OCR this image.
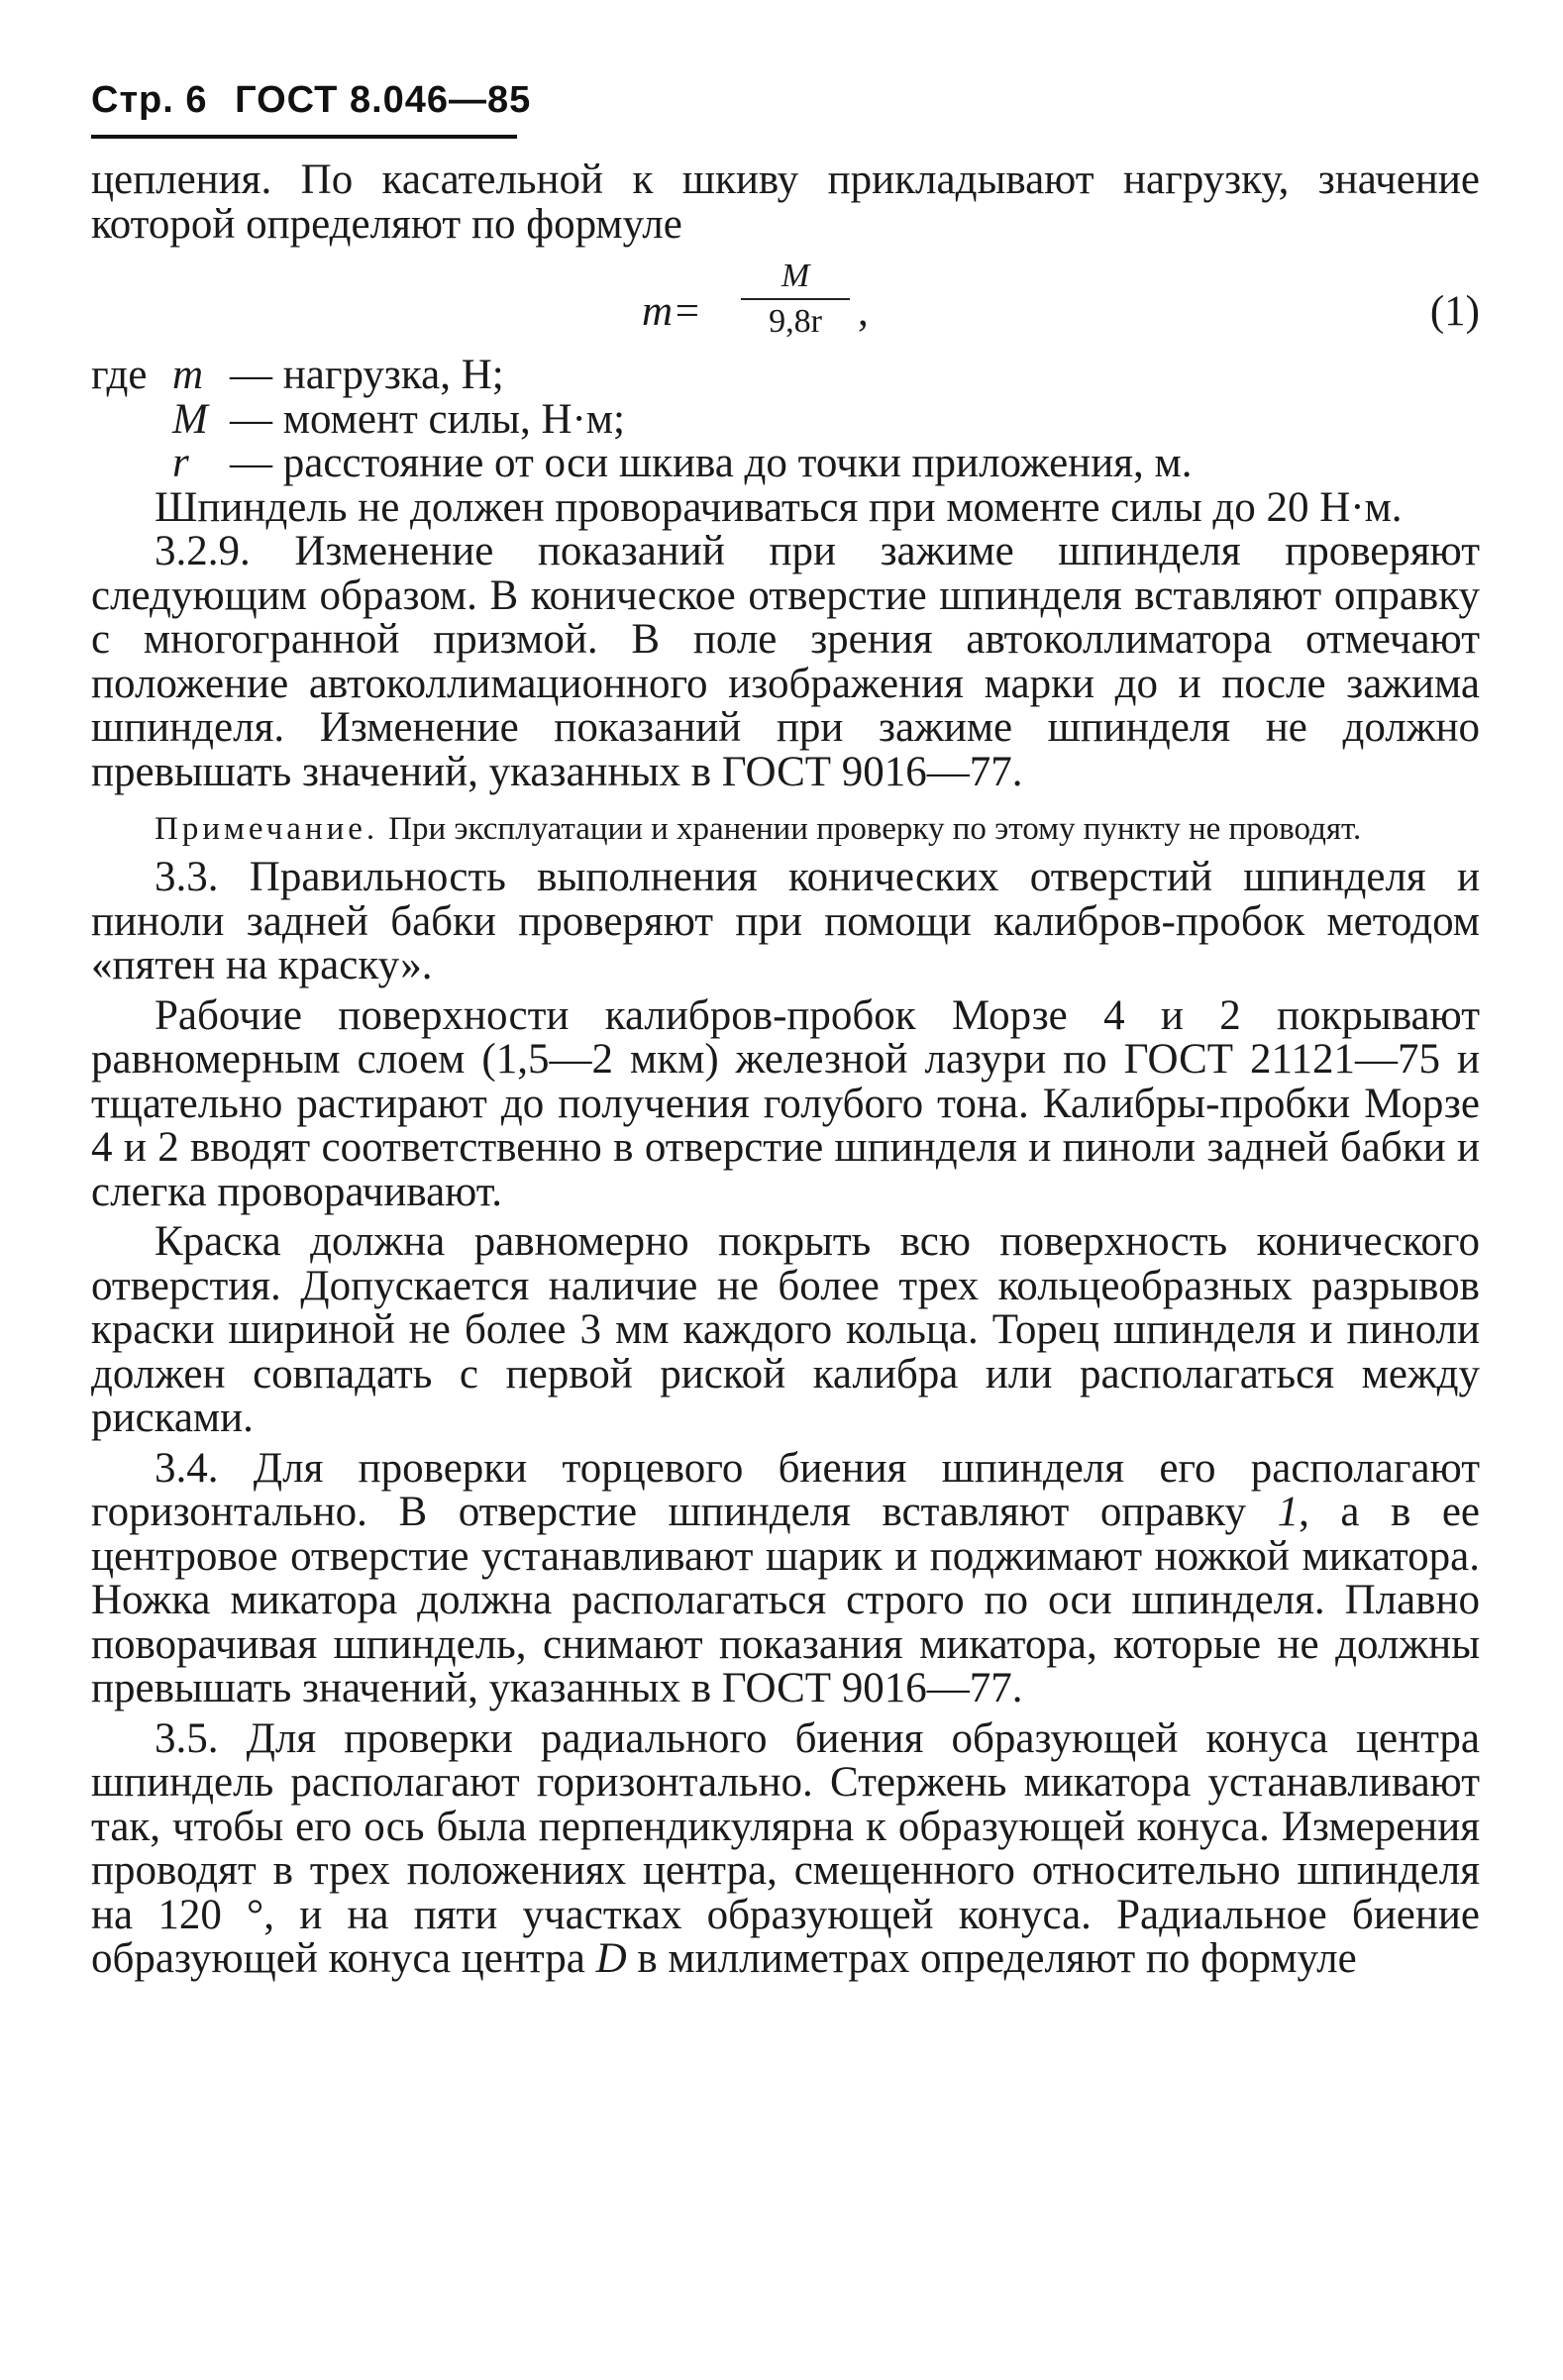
Стр. 6 ГОСТ 8.046—85

цепления. По касательной к шкиву прикладывают нагрузку, значение которой определяют по формуле

$m= \frac{M}{9,8r}$ ,	(1)
где m — нагрузка, Н;
M — момент силы, Н·м;
r — расстояние от оси шкива до точки приложения, м.

Шпиндель не должен проворачиваться при моменте силы до 20 Н·м.

3.2.9. Изменение показаний при зажиме шпинделя проверяют следующим образом. В коническое отверстие шпинделя вставляют оправку с многогранной призмой. В поле зрения автоколлиматора отмечают положение автоколлимационного изображения марки до и после зажима шпинделя. Изменение показаний при зажиме шпинделя не должно превышать значений, указанных в ГОСТ 9016—77.

Примечание. При эксплуатации и хранении проверку по этому пункту не проводят.

3.3. Правильность выполнения конических отверстий шпинделя и пиноли задней бабки проверяют при помощи калибров-пробок методом «пятен на краску».

Рабочие поверхности калибров-пробок Морзе 4 и 2 покрывают равномерным слоем (1,5—2 мкм) железной лазури по ГОСТ 21121—75 и тщательно растирают до получения голубого тона. Калибры-пробки Морзе 4 и 2 вводят соответственно в отверстие шпинделя и пиноли задней бабки и слегка проворачивают.

Краска должна равномерно покрыть всю поверхность конического отверстия. Допускается наличие не более трех кольцеобразных разрывов краски шириной не более 3 мм каждого кольца. Торец шпинделя и пиноли должен совпадать с первой риской калибра или располагаться между рисками.

3.4. Для проверки торцевого биения шпинделя его располагают горизонтально. В отверстие шпинделя вставляют оправку 1, а в ее центровое отверстие устанавливают шарик и поджимают ножкой микатора. Ножка микатора должна располагаться строго по оси шпинделя. Плавно поворачивая шпиндель, снимают показания микатора, которые не должны превышать значений, указанных в ГОСТ 9016—77.

3.5. Для проверки радиального биения образующей конуса центра шпиндель располагают горизонтально. Стержень микатора устанавливают так, чтобы его ось была перпендикулярна к образующей конуса. Измерения проводят в трех положениях центра, смещенного относительно шпинделя на 120 °, и на пяти участках образующей конуса. Радиальное биение образующей конуса центра D в миллиметрах определяют по формуле
